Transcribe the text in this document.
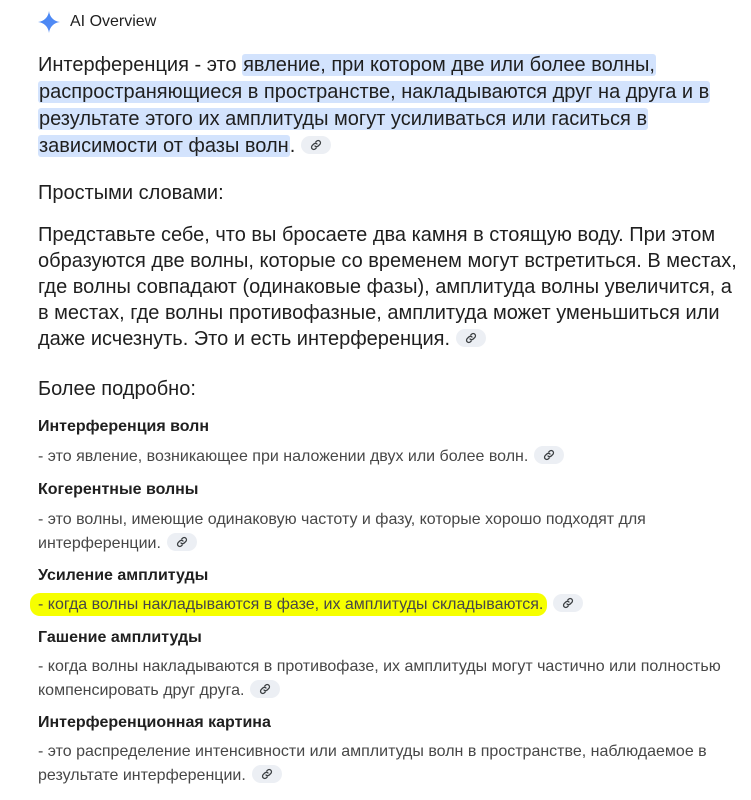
AI Overview
Интерференция - это явление, при котором две или более волны, распространяющиеся в пространстве, накладываются друг на друга и в результате этого их амплитуды могут усиливаться или гаситься в зависимости от фазы волн.
Простыми словами:
Представьте себе, что вы бросаете два камня в стоящую воду. При этом образуются две волны, которые со временем могут встретиться. В местах, где волны совпадают (одинаковые фазы), амплитуда волны увеличится, а в местах, где волны противофазные, амплитуда может уменьшиться или даже исчезнуть. Это и есть интерференция.
Более подробно:
Интерференция волн
- это явление, возникающее при наложении двух или более волн.
Когерентные волны
- это волны, имеющие одинаковую частоту и фазу, которые хорошо подходят для интерференции.
Усиление амплитуды
- когда волны накладываются в фазе, их амплитуды складываются.
Гашение амплитуды
- когда волны накладываются в противофазе, их амплитуды могут частично или полностью компенсировать друг друга.
Интерференционная картина
- это распределение интенсивности или амплитуды волн в пространстве, наблюдаемое в результате интерференции.
